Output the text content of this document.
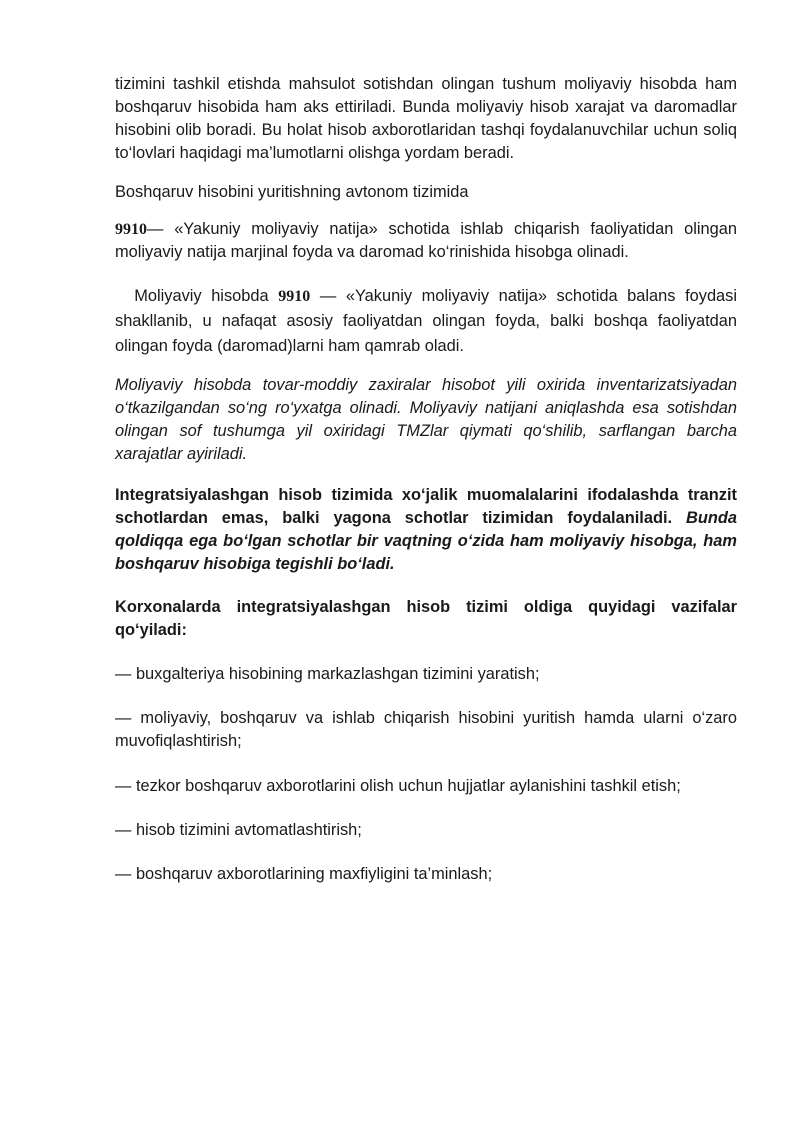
tizimini tashkil etishda mahsulot sotishdan olingan tushum moliyaviy hisobda ham boshqaruv hisobida ham aks ettiriladi. Bunda moliyaviy hisob xarajat va daromadlar hisobini olib boradi. Bu holat hisob axborotlaridan tashqi foydalanuvchilar uchun soliq to‘lovlari haqidagi ma’lumotlarni olishga yordam beradi.

Boshqaruv hisobini yuritishning avtonom tizimida

9910— «Yakuniy moliyaviy natija» schotida ishlab chiqarish faoliyatidan olingan moliyaviy natija marjinal foyda va daromad ko‘rinishida hisobga olinadi.

Moliyaviy hisobda 9910 — «Yakuniy moliyaviy natija» schotida balans foydasi shakllanib, u nafaqat asosiy faoliyatdan olingan foyda, balki boshqa faoliyatdan olingan foyda (daromad)larni ham qamrab oladi.

Moliyaviy hisobda tovar-moddiy zaxiralar hisobot yili oxirida inventarizatsiyadan o‘tkazilgandan so‘ng ro‘yxatga olinadi. Moliyaviy natijani aniqlashda esa sotishdan olingan sof tushumga yil oxiridagi TMZlar qiymati qo‘shilib, sarflangan barcha xarajatlar ayiriladi.

Integratsiyalashgan hisob tizimida xo‘jalik muomalalarini ifodalashda tranzit schotlardan emas, balki yagona schotlar tizimidan foydalaniladi. Bunda qoldiqqa ega bo‘lgan schotlar bir vaqtning o‘zida ham moliyaviy hisobga, ham boshqaruv hisobiga tegishli bo‘ladi.

Korxonalarda integratsiyalashgan hisob tizimi oldiga quyidagi vazifalar qo‘yiladi:

— buxgalteriya hisobining markazlashgan tizimini yaratish;

— moliyaviy, boshqaruv va ishlab chiqarish hisobini yuritish hamda ularni o‘zaro muvofiqlashtirish;

— tezkor boshqaruv axborotlarini olish uchun hujjatlar aylanishini tashkil etish;

— hisob tizimini avtomatlashtirish;

— boshqaruv axborotlarining maxfiyligini ta’minlash;
